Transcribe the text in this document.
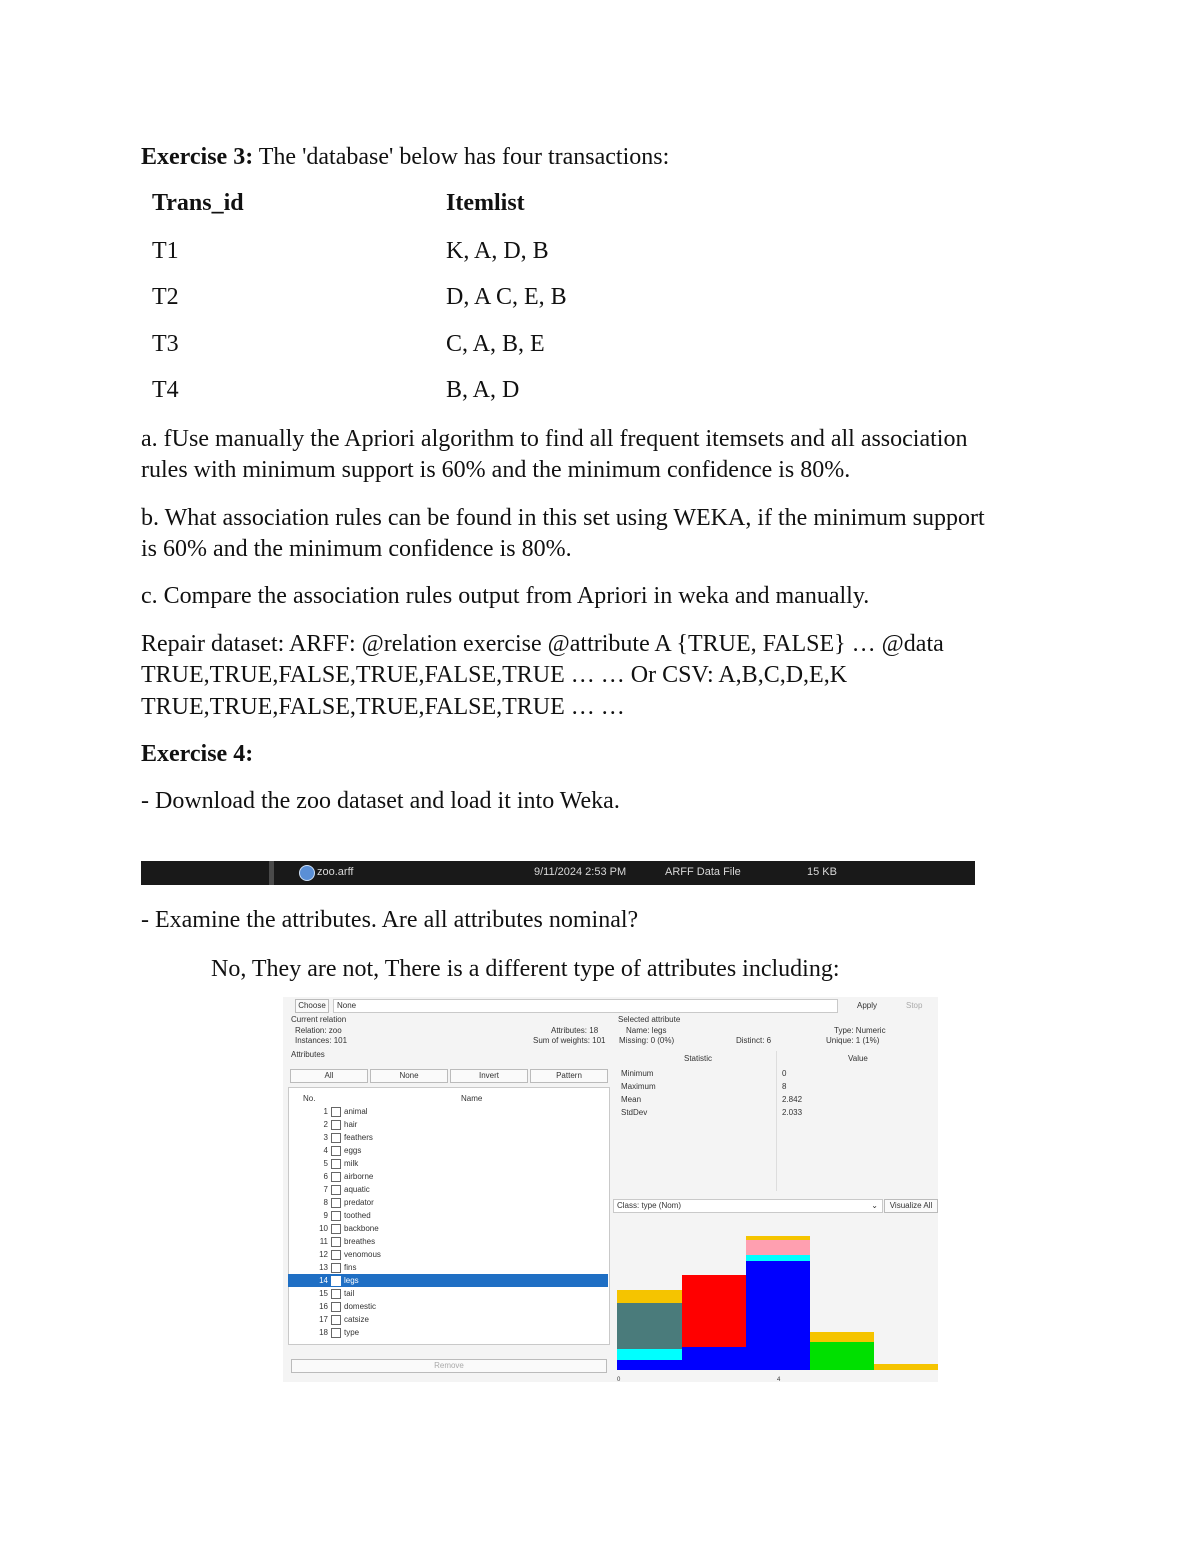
Exercise 3: The 'database' below has four transactions:
Trans_id	Itemlist
T1	K, A, D, B
T2	D, A C, E, B
T3	C, A, B, E
T4	B, A, D
a. fUse manually the Apriori algorithm to find all frequent itemsets and all association
rules with minimum support is 60% and the minimum confidence is 80%.
b. What association rules can be found in this set using WEKA, if the minimum support
is 60% and the minimum confidence is 80%.
c. Compare the association rules output from Apriori in weka and manually.
Repair dataset: ARFF: @relation exercise @attribute A {TRUE, FALSE} … @data
TRUE,TRUE,FALSE,TRUE,FALSE,TRUE … … Or CSV: A,B,C,D,E,K
TRUE,TRUE,FALSE,TRUE,FALSE,TRUE … …
Exercise 4:
- Download the zoo dataset and load it into Weka.
zoo.arff	9/11/2024 2:53 PM	ARFF Data File	15 KB
- Examine the attributes. Are all attributes nominal?
No, They are not, There is a different type of attributes including:
Choose	None	Apply	Stop
Current relation
Relation: zoo
Instances: 101
Attributes: 18
Sum of weights: 101
Attributes
All	None	Invert	Pattern
No.	Name
1 animal
2 hair
3 feathers
4 eggs
5 milk
6 airborne
7 aquatic
8 predator
9 toothed
10 backbone
11 breathes
12 venomous
13 fins
14 legs
15 tail
16 domestic
17 catsize
18 type
Remove
Selected attribute
Name: legs
Missing: 0 (0%)	Distinct: 6
Type: Numeric
Unique: 1 (1%)
Statistic	Value
Minimum	0
Maximum	8
Mean	2.842
StdDev	2.033
Class: type (Nom)	⌄	Visualize All
0	4
